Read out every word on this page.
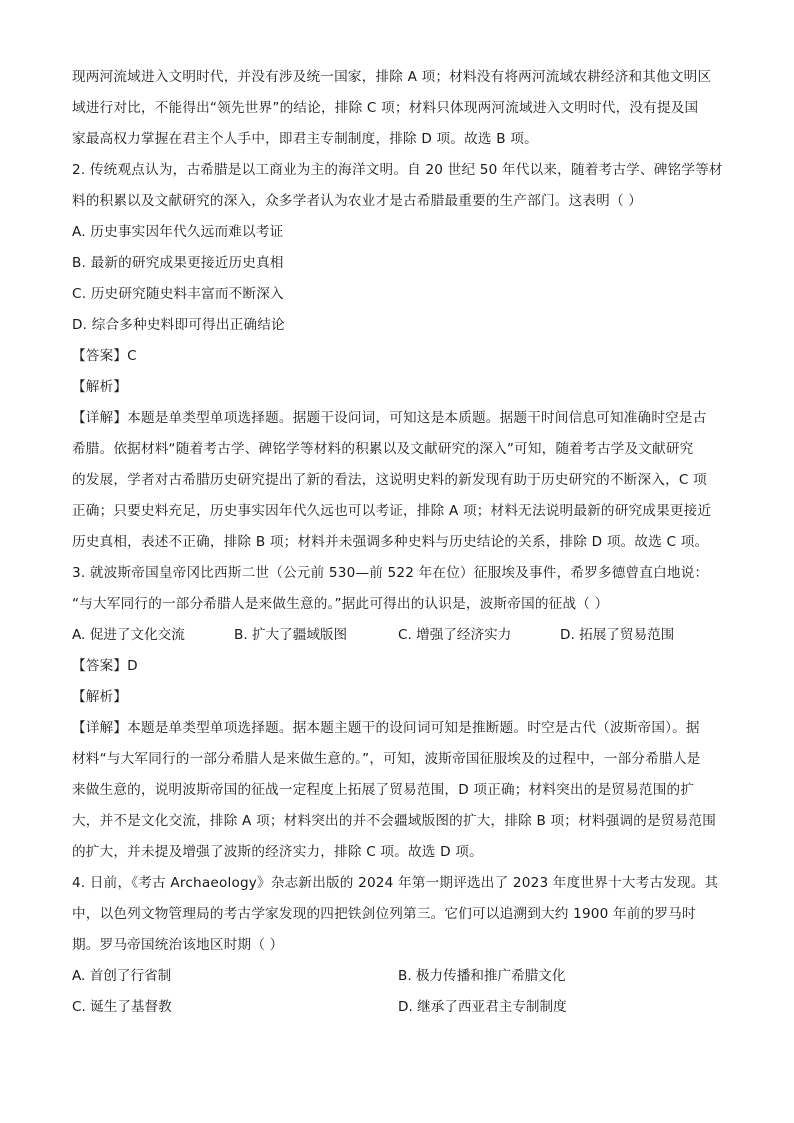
现两河流域进入文明时代，并没有涉及统一国家，排除 A 项；材料没有将两河流域农耕经济和其他文明区
域进行对比，不能得出“领先世界”的结论，排除 C 项；材料只体现两河流域进入文明时代，没有提及国
家最高权力掌握在君主个人手中，即君主专制制度，排除 D 项。故选 B 项。
2. 传统观点认为，古希腊是以工商业为主的海洋文明。自 20 世纪 50 年代以来，随着考古学、碑铭学等材
料的积累以及文献研究的深入，众多学者认为农业才是古希腊最重要的生产部门。这表明（ ）
A. 历史事实因年代久远而难以考证
B. 最新的研究成果更接近历史真相
C. 历史研究随史料丰富而不断深入
D. 综合多种史料即可得出正确结论
【答案】C
【解析】
【详解】本题是单类型单项选择题。据题干设问词，可知这是本质题。据题干时间信息可知准确时空是古
希腊。依据材料“随着考古学、碑铭学等材料的积累以及文献研究的深入”可知，随着考古学及文献研究
的发展，学者对古希腊历史研究提出了新的看法，这说明史料的新发现有助于历史研究的不断深入，C 项
正确；只要史料充足，历史事实因年代久远也可以考证，排除 A 项；材料无法说明最新的研究成果更接近
历史真相，表述不正确，排除 B 项；材料并未强调多种史料与历史结论的关系，排除 D 项。故选 C 项。
3. 就波斯帝国皇帝冈比西斯二世（公元前 530—前 522 年在位）征服埃及事件，希罗多德曾直白地说：
“与大军同行的一部分希腊人是来做生意的。”据此可得出的认识是，波斯帝国的征战（ ）
A. 促进了文化交流	B. 扩大了疆域版图	C. 增强了经济实力	D. 拓展了贸易范围
【答案】D
【解析】
【详解】本题是单类型单项选择题。据本题主题干的设问词可知是推断题。时空是古代（波斯帝国）。据
材料“与大军同行的一部分希腊人是来做生意的。”，可知，波斯帝国征服埃及的过程中，一部分希腊人是
来做生意的，说明波斯帝国的征战一定程度上拓展了贸易范围，D 项正确；材料突出的是贸易范围的扩
大，并不是文化交流，排除 A 项；材料突出的并不会疆域版图的扩大，排除 B 项；材料强调的是贸易范围
的扩大，并未提及增强了波斯的经济实力，排除 C 项。故选 D 项。
4. 日前，《考古 Archaeology》杂志新出版的 2024 年第一期评选出了 2023 年度世界十大考古发现。其
中，以色列文物管理局的考古学家发现的四把铁剑位列第三。它们可以追溯到大约 1900 年前的罗马时
期。罗马帝国统治该地区时期（ ）
A. 首创了行省制	B. 极力传播和推广希腊文化
C. 诞生了基督教	D. 继承了西亚君主专制制度
